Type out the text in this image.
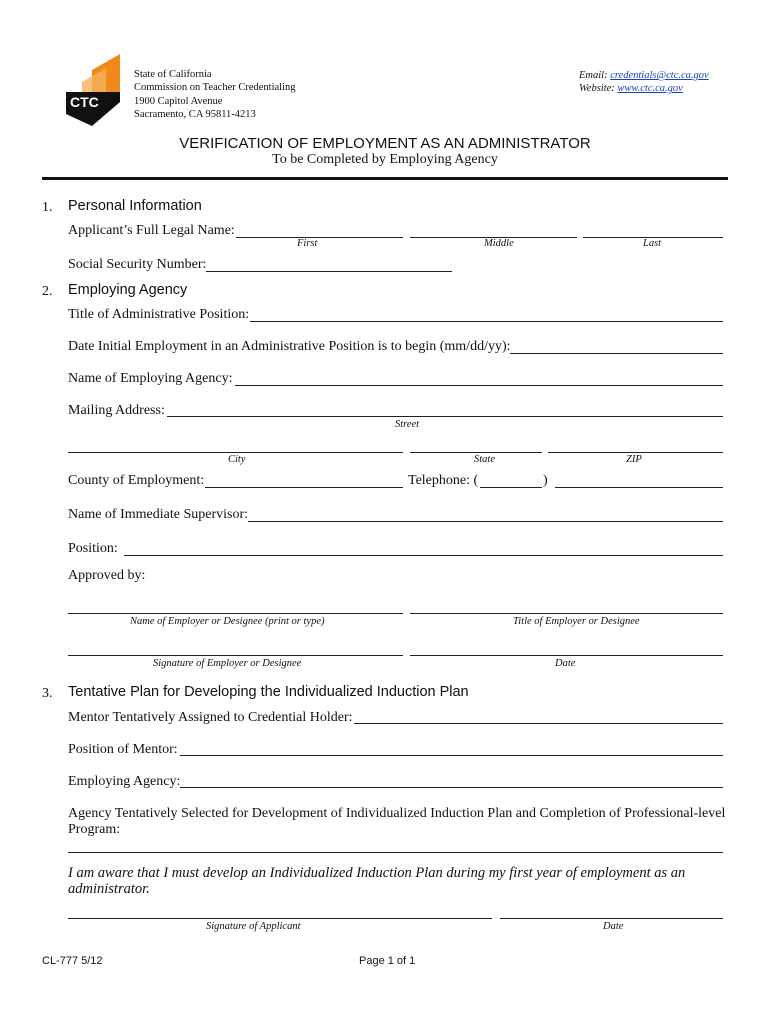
CTC
State of California
Commission on Teacher Credentialing
1900 Capitol Avenue
Sacramento, CA 95811-4213
Email: credentials@ctc.ca.gov
Website: www.ctc.ca.gov
VERIFICATION OF EMPLOYMENT AS AN ADMINISTRATOR
To be Completed by Employing Agency
1. Personal Information
Applicant’s Full Legal Name:
First	Middle	Last
Social Security Number:
2. Employing Agency
Title of Administrative Position:
Date Initial Employment in an Administrative Position is to begin (mm/dd/yy):
Name of Employing Agency:
Mailing Address:
Street
City	State	ZIP
County of Employment:	Telephone: (	)
Name of Immediate Supervisor:
Position:
Approved by:
Name of Employer or Designee (print or type)	Title of Employer or Designee
Signature of Employer or Designee	Date
3. Tentative Plan for Developing the Individualized Induction Plan
Mentor Tentatively Assigned to Credential Holder:
Position of Mentor:
Employing Agency:
Agency Tentatively Selected for Development of Individualized Induction Plan and Completion of Professional-level
Program:
I am aware that I must develop an Individualized Induction Plan during my first year of employment as an
administrator.
Signature of Applicant	Date
CL-777 5/12	Page 1 of 1
